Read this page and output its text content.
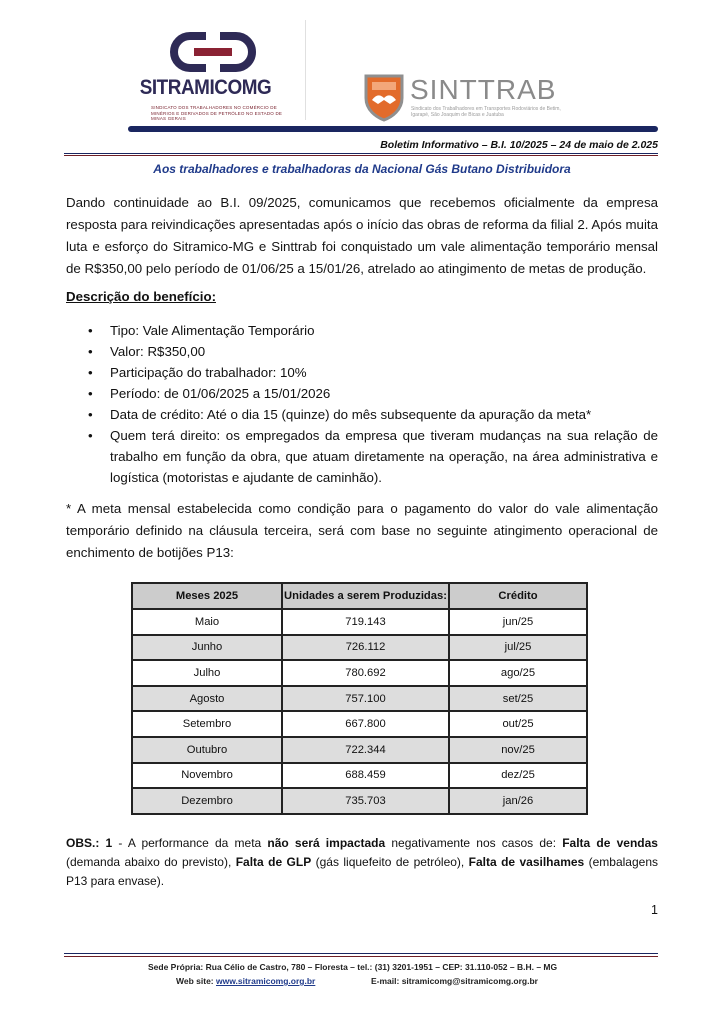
SITRAMICOMG
SINDICATO DOS TRABALHADORES NO COMÉRCIO DE MINÉRIOS E DERIVADOS DE PETRÓLEO NO ESTADO DE MINAS GERAIS
SINTTRAB
Sindicato dos Trabalhadores em Transportes Rodoviários de Betim, Igarapé, São Joaquim de Bicas e Juatuba
Boletim Informativo – B.I. 10/2025 – 24 de maio de 2.025
Aos trabalhadores e trabalhadoras da Nacional Gás Butano Distribuidora

Dando continuidade ao B.I. 09/2025, comunicamos que recebemos oficialmente da empresa resposta para reivindicações apresentadas após o início das obras de reforma da filial 2. Após muita luta e esforço do Sitramico-MG e Sinttrab foi conquistado um vale alimentação temporário mensal de R$350,00 pelo período de 01/06/25 a 15/01/26, atrelado ao atingimento de metas de produção.

Descrição do benefício:
•	Tipo: Vale Alimentação Temporário
•	Valor: R$350,00
•	Participação do trabalhador: 10%
•	Período: de 01/06/2025 a 15/01/2026
•	Data de crédito: Até o dia 15 (quinze) do mês subsequente da apuração da meta*
•	Quem terá direito: os empregados da empresa que tiveram mudanças na sua relação de trabalho em função da obra, que atuam diretamente na operação, na área administrativa e logística (motoristas e ajudante de caminhão).

* A meta mensal estabelecida como condição para o pagamento do valor do vale alimentação temporário definido na cláusula terceira, será com base no seguinte atingimento operacional de enchimento de botijões P13:

Meses 2025	Unidades a serem Produzidas:	Crédito
Maio	719.143	jun/25
Junho	726.112	jul/25
Julho	780.692	ago/25
Agosto	757.100	set/25
Setembro	667.800	out/25
Outubro	722.344	nov/25
Novembro	688.459	dez/25
Dezembro	735.703	jan/26

OBS.: 1 - A performance da meta não será impactada negativamente nos casos de: Falta de vendas (demanda abaixo do previsto), Falta de GLP (gás liquefeito de petróleo), Falta de vasilhames (embalagens P13 para envase).

1
Sede Própria: Rua Célio de Castro, 780 – Floresta – tel.: (31) 3201-1951 – CEP: 31.110-052 – B.H. – MG
Web site: www.sitramicomg.org.br	E-mail: sitramicomg@sitramicomg.org.br
